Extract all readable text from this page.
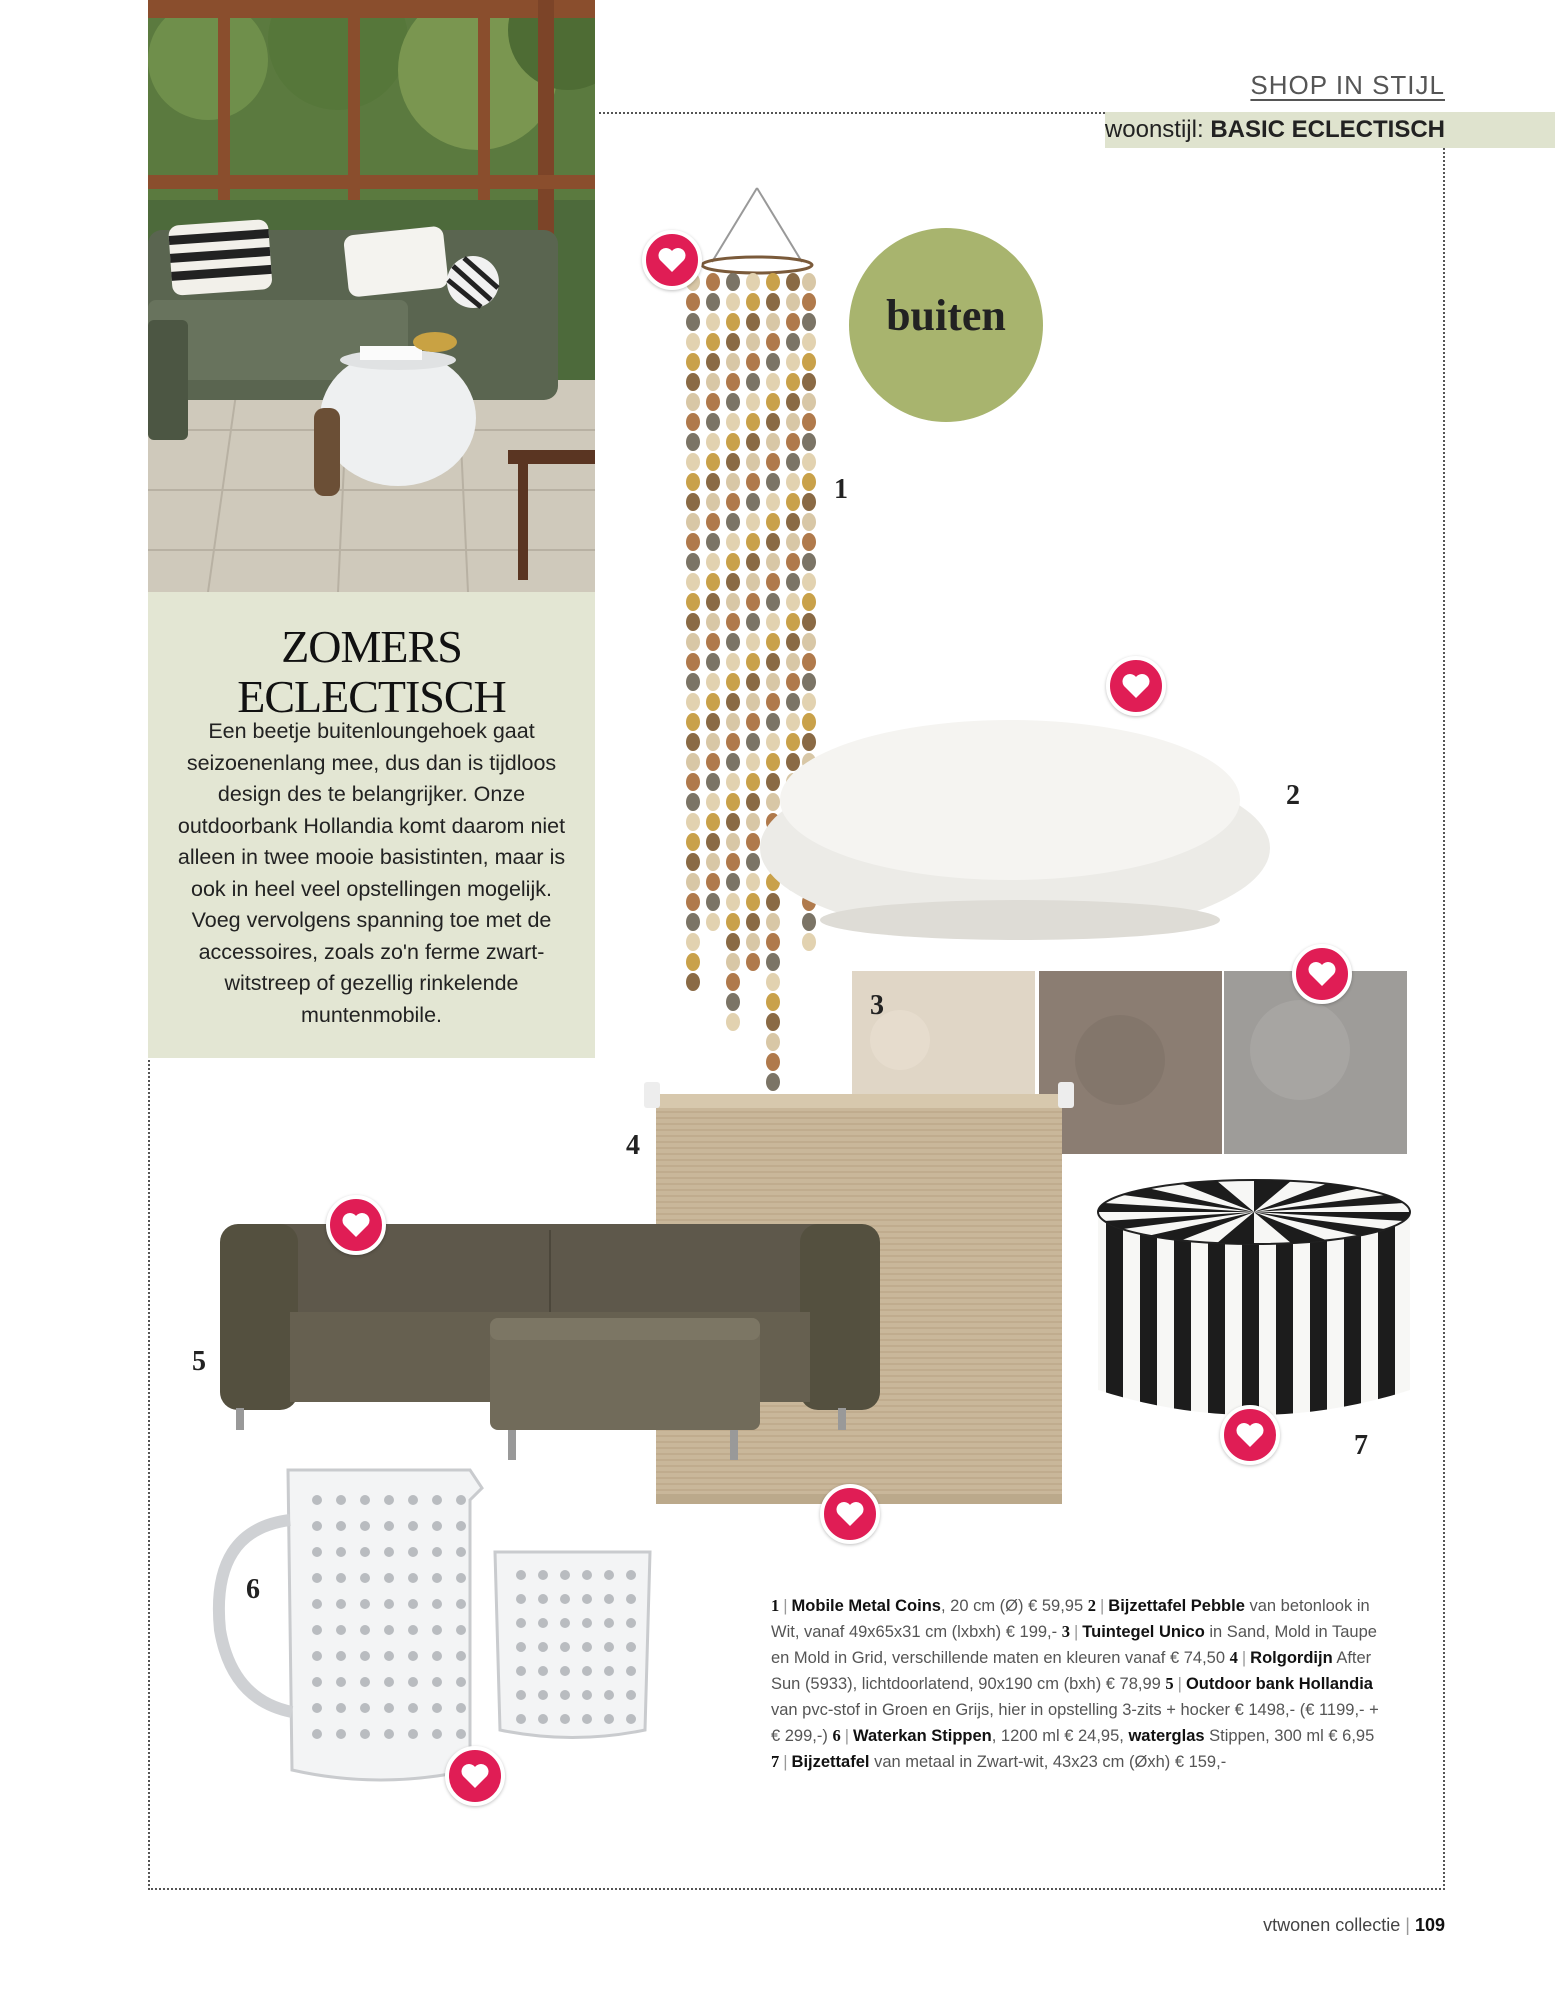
SHOP IN STIJL
woonstijl: BASIC ECLECTISCH
ZOMERS
ECLECTISCH

Een beetje buitenloungehoek gaat seizoenenlang mee, dus dan is tijdloos design des te belangrijker. Onze outdoorbank Hollandia komt daarom niet alleen in twee mooie basistinten, maar is ook in heel veel opstellingen mogelijk. Voeg vervolgens spanning toe met de accessoires, zoals zo'n ferme zwart-witstreep of gezellig rinkelende muntenmobile.

buiten
1
2
3
4
5
6
7
1 | Mobile Metal Coins, 20 cm (Ø) € 59,95 2 | Bijzettafel Pebble van betonlook in Wit, vanaf 49x65x31 cm (lxbxh) € 199,- 3 | Tuintegel Unico in Sand, Mold in Taupe en Mold in Grid, verschillende maten en kleuren vanaf € 74,50 4 | Rolgordijn After Sun (5933), lichtdoorlatend, 90x190 cm (bxh) € 78,99 5 | Outdoor bank Hollandia van pvc-stof in Groen en Grijs, hier in opstelling 3-zits + hocker € 1498,- (€ 1199,- + € 299,-) 6 | Waterkan Stippen, 1200 ml € 24,95, waterglas Stippen, 300 ml € 6,95 7 | Bijzettafel van metaal in Zwart-wit, 43x23 cm (Øxh) € 159,-
vtwonen collectie | 109
